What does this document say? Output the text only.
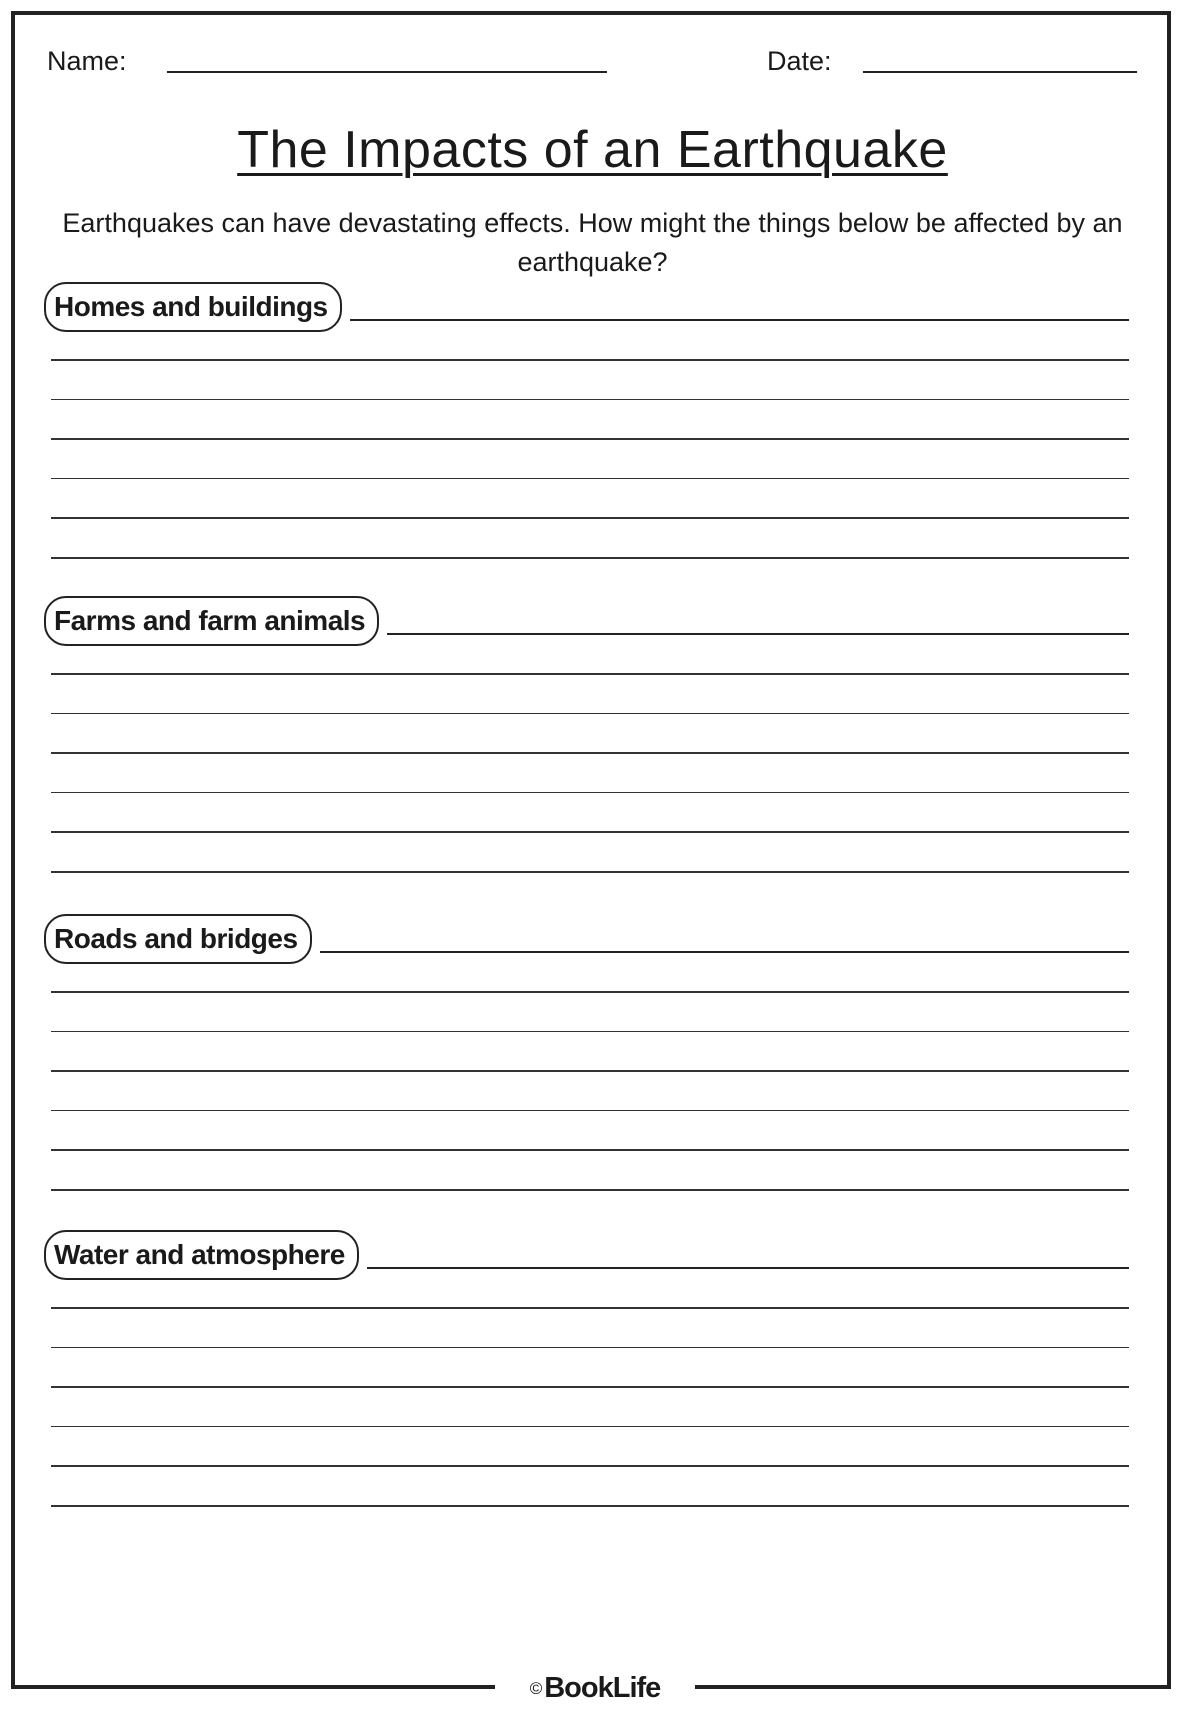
Name:	Date:
The Impacts of an Earthquake
Earthquakes can have devastating effects. How might the things below be affected by an earthquake?
Homes and buildings
Farms and farm animals
Roads and bridges
Water and atmosphere
© BookLife
